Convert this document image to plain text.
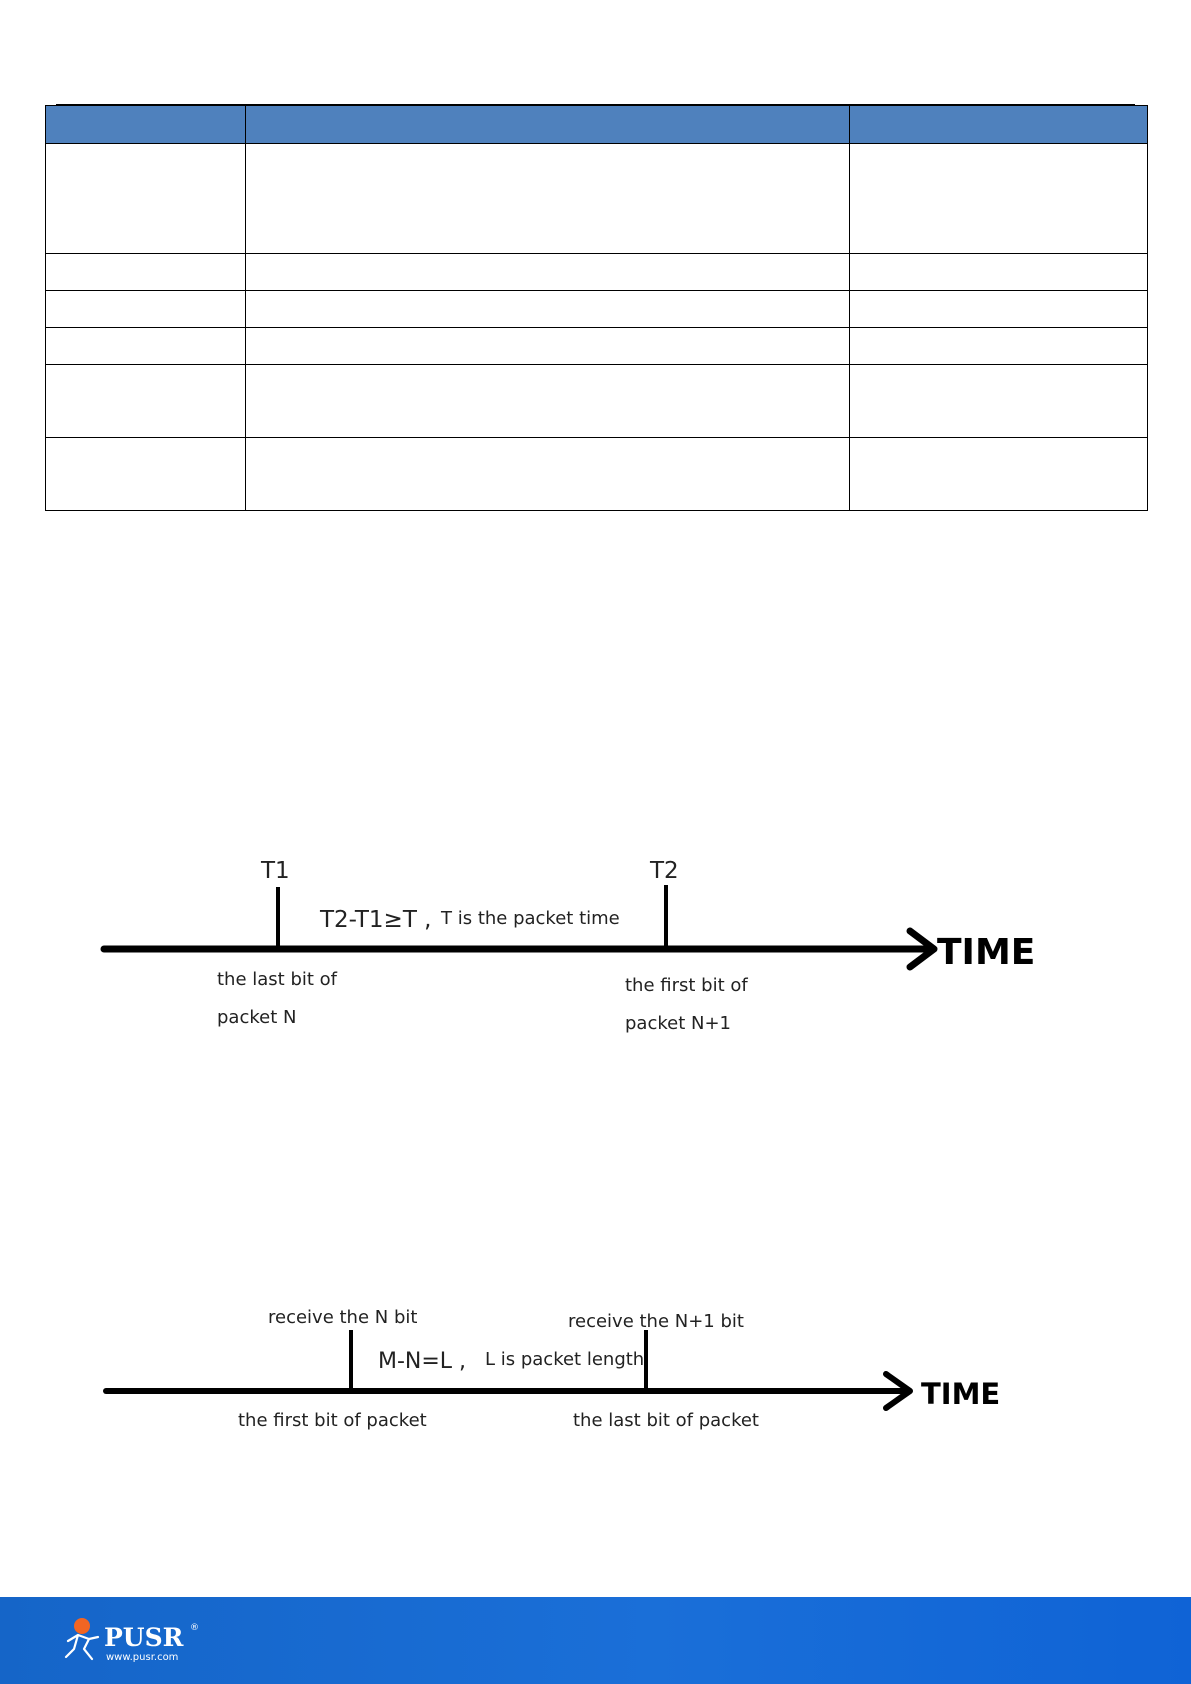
T1	T2
T2-T1≥T , T is the packet time
TIME
the last bit of
packet N
the first bit of
packet N+1
receive the N bit	receive the N+1 bit
M-N=L , L is packet length
TIME
the first bit of packet	the last bit of packet
PUSR ®
www.pusr.com
